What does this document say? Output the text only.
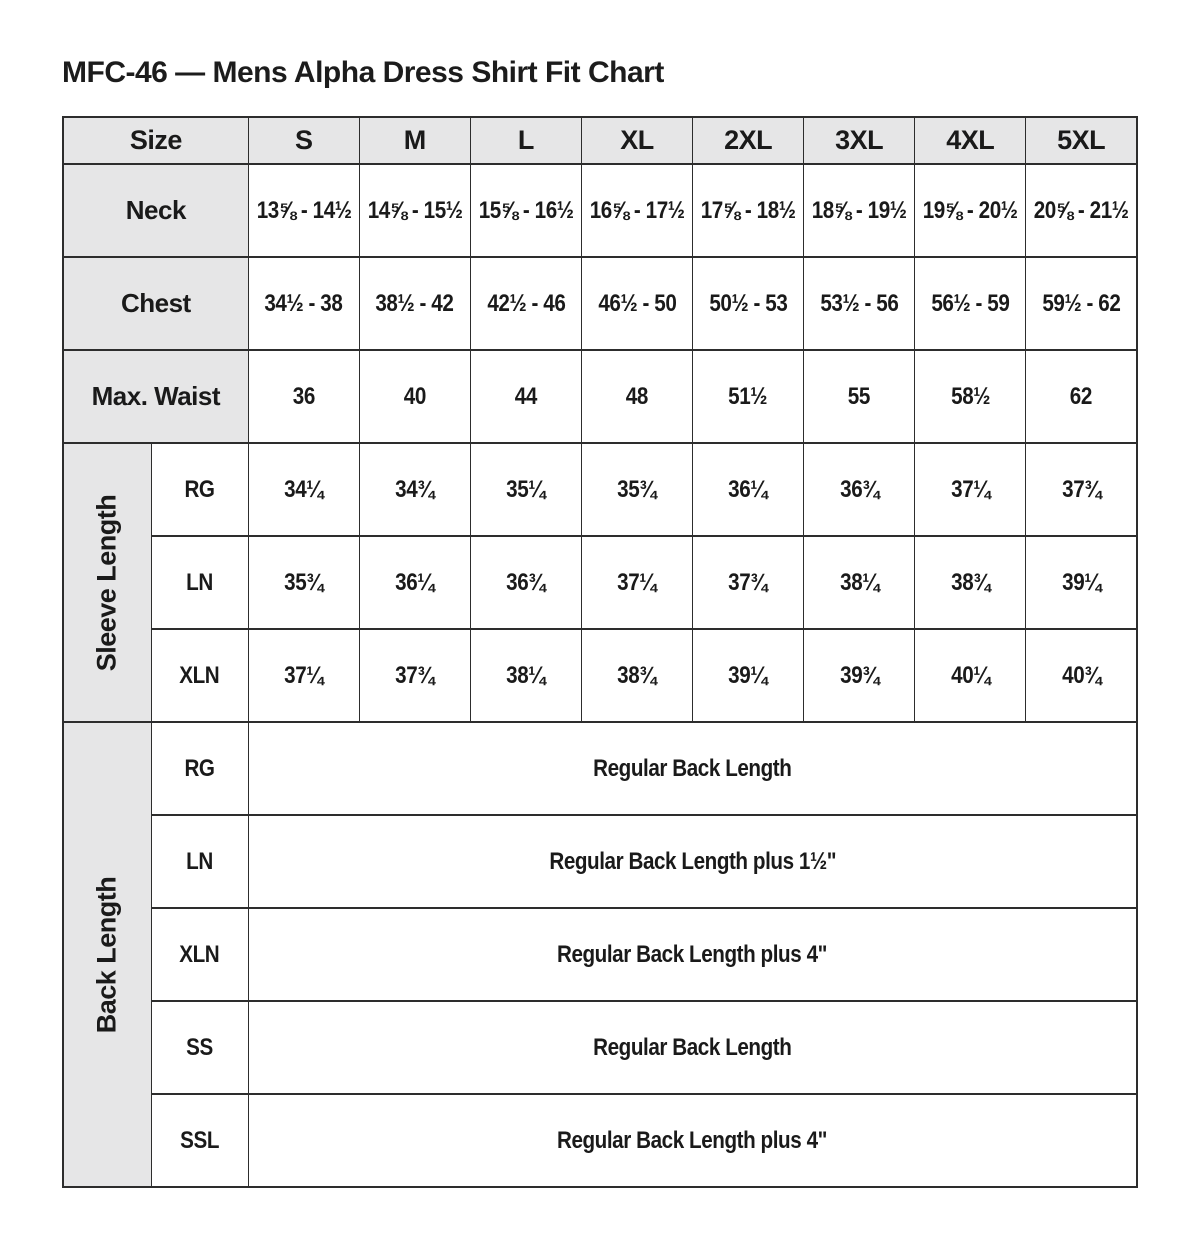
MFC-46 — Mens Alpha Dress Shirt Fit Chart
Size		S	M	L	XL	2XL	3XL	4XL	5XL
Neck		13⅝ - 14½	14⅝ - 15½	15⅝ - 16½	16⅝ - 17½	17⅝ - 18½	18⅝ - 19½	19⅝ - 20½	20⅝ - 21½
Chest		34½ - 38	38½ - 42	42½ - 46	46½ - 50	50½ - 53	53½ - 56	56½ - 59	59½ - 62
Max. Waist		36	40	44	48	51½	55	58½	62

Sleeve Length	RG	34¼	34¾	35¼	35¾	36¼	36¾	37¼	37¾
	LN	35¾	36¼	36¾	37¼	37¾	38¼	38¾	39¼
	XLN	37¼	37¾	38¼	38¾	39¼	39¾	40¼	40¾

Back Length	RG	Regular Back Length							
	LN	Regular Back Length plus 1½"							
	XLN	Regular Back Length plus 4"							
	SS	Regular Back Length							
	SSL	Regular Back Length plus 4"							
